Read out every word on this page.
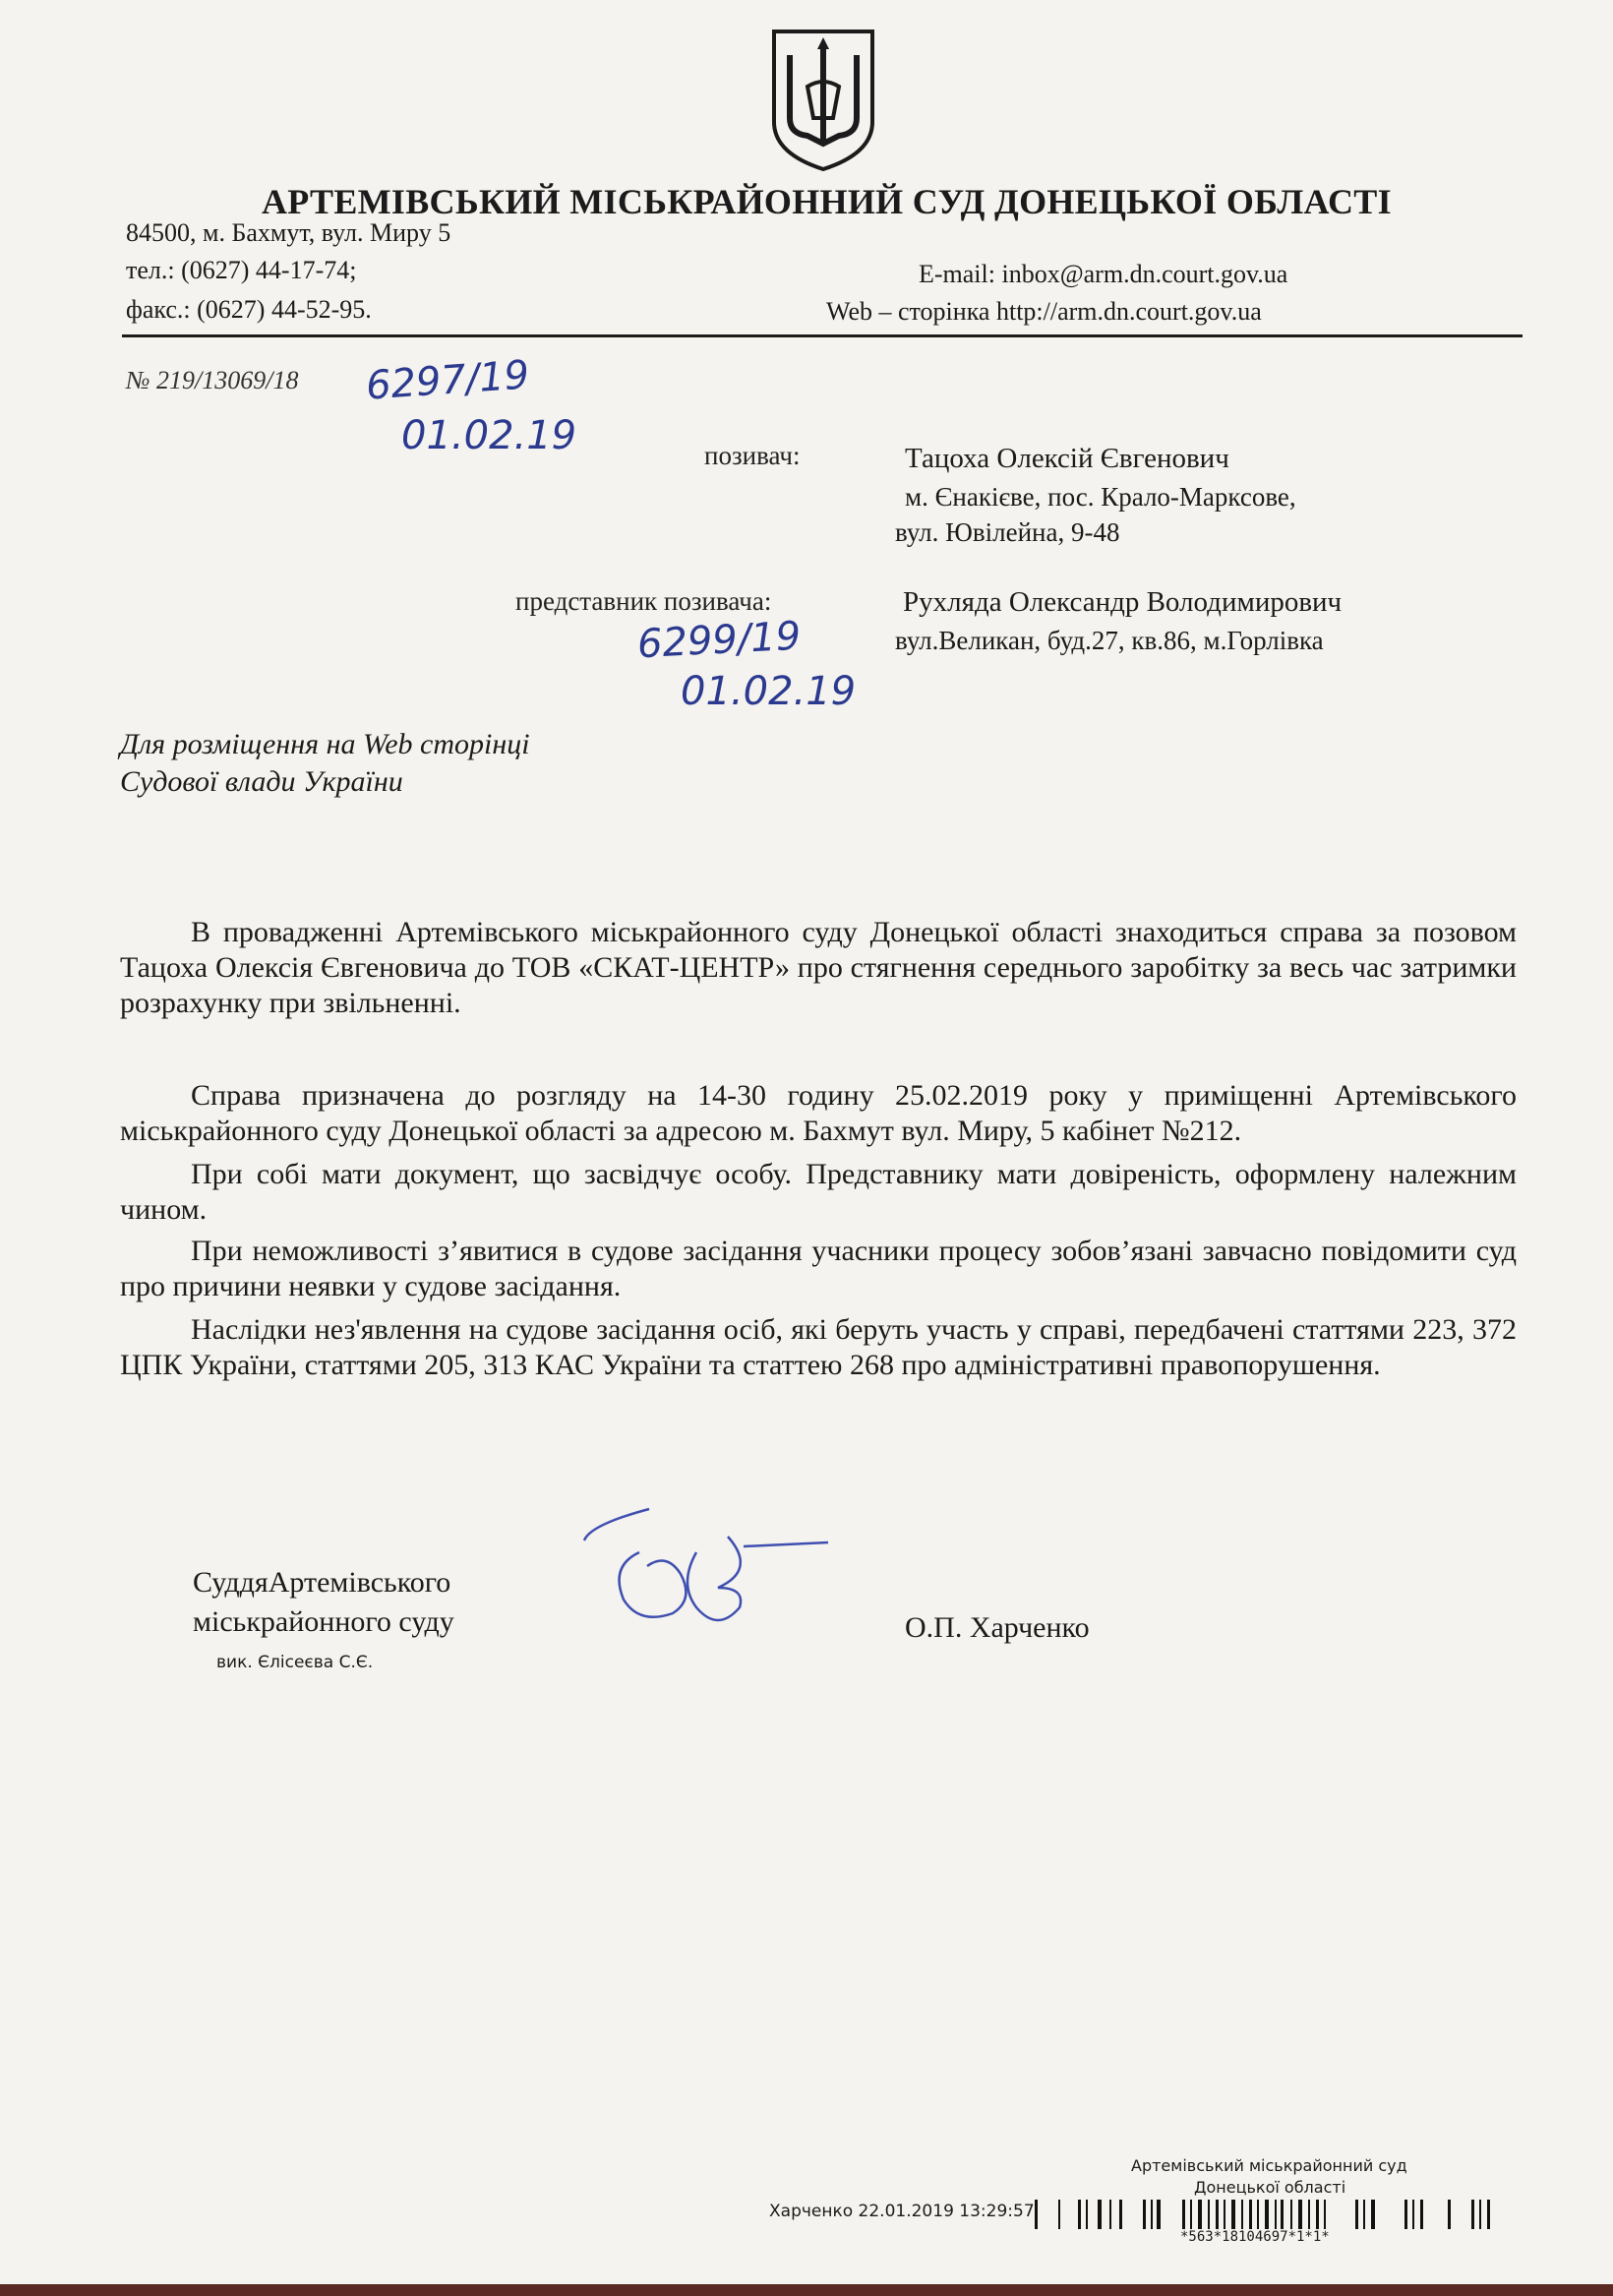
АРТЕМІВСЬКИЙ МІСЬКРАЙОННИЙ СУД ДОНЕЦЬКОЇ ОБЛАСТІ
84500, м. Бахмут, вул. Миру 5
тел.: (0627) 44-17-74;
факс.: (0627) 44-52-95.
E-mail: inbox@arm.dn.court.gov.ua
Web – сторінка http://arm.dn.court.gov.ua
№ 219/13069/18 6297/19
01.02.19	позивач:	Тацоха Олексій Євгенович
м. Єнакієве, пос. Крало-Марксове,
вул. Ювілейна, 9-48
представник позивача:	Рухляда Олександр Володимирович
вул.Великан, буд.27, кв.86, м.Горлівка
6299/19
01.02.19
Для розміщення на Web сторінці
Судової влади України

В провадженні Артемівського міськрайонного суду Донецької області знаходиться справа за позовом Тацоха Олексія Євгеновича до ТОВ «СКАТ-ЦЕНТР» про стягнення середнього заробітку за весь час затримки розрахунку при звільненні.

Справа призначена до розгляду на 14-30 годину 25.02.2019 року у приміщенні Артемівського міськрайонного суду Донецької області за адресою м. Бахмут вул. Миру, 5 кабінет №212.

При собі мати документ, що засвідчує особу. Представнику мати довіреність, оформлену належним чином.

При неможливості з’явитися в судове засідання учасники процесу зобов’язані завчасно повідомити суд про причини неявки у судове засідання.

Наслідки нез'явлення на судове засідання осіб, які беруть участь у справі, передбачені статтями 223, 372 ЦПК України, статтями 205, 313 КАС України та статтею 268 про адміністративні правопорушення.

СуддяАртемівського
міськрайонного суду
вик. Єлісеєва С.Є.
О.П. Харченко
Артемівський міськрайонний суд
Донецької області
Харченко 22.01.2019 13:29:57
*563*18104697*1*1*
